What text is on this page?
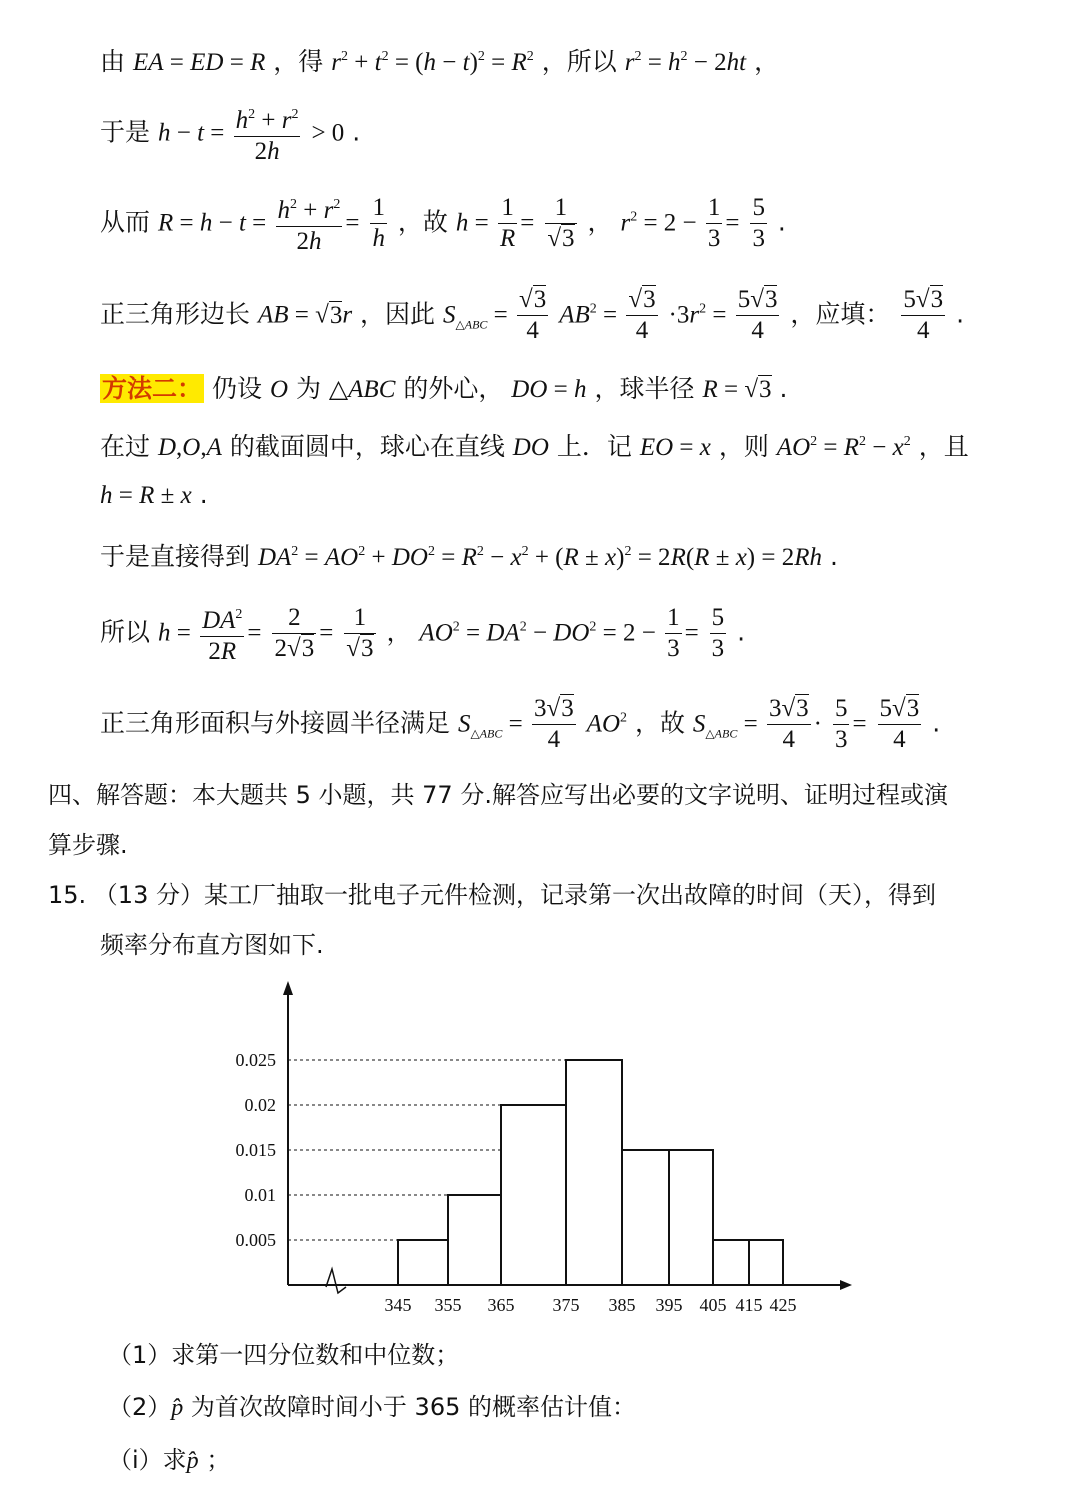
由 EA = ED = R ，得 $r^2 + t^2 = (h - t)^2 = R^2$ ，所以 $r^2 = h^2 - 2ht$ ，
于是 $h - t = \frac{h^2 + r^2}{2h} > 0$ .
从而 $R = h - t = \frac{h^2 + r^2}{2h} = \frac{1}{h}$ ，故 $h = \frac{1}{R} = \frac{1}{√3}$ ， $r^2 = 2 - \frac{1}{3} = \frac{5}{3}$ .
正三角形边长 AB = √3r ，因此 $S_{\triangle ABC} = \frac{√3}{4} AB^2 = \frac{√3}{4} \cdot 3r^2 = \frac{5√3}{4}$ ，应填： $\frac{5√3}{4}$ .
方法二： 仍设 O 为 △ABC 的外心， DO = h ，球半径 R = √3 .
在过 D,O,A 的截面圆中，球心在直线 DO 上．记 EO = x ，则 $AO^2 = R^2 - x^2$ ，且
h = R ± x .
于是直接得到 $DA^2 = AO^2 + DO^2 = R^2 - x^2 + (R \pm x)^2 = 2R(R \pm x) = 2Rh$ .
所以 $h = \frac{DA^2}{2R} = \frac{2}{2√3} = \frac{1}{√3}$ ， $AO^2 = DA^2 - DO^2 = 2 - \frac{1}{3} = \frac{5}{3}$ .
正三角形面积与外接圆半径满足 $S_{\triangle ABC} = \frac{3√3}{4} AO^2$ ，故 $S_{\triangle ABC} = \frac{3√3}{4} \cdot \frac{5}{3} = \frac{5√3}{4}$ .
四、解答题：本大题共 5 小题，共 77 分.解答应写出必要的文字说明、证明过程或演
算步骤.
15. （13 分）某工厂抽取一批电子元件检测，记录第一次出故障的时间（天），得到
频率分布直方图如下.
0.005
0.01
0.015
0.02
0.025
345 355 365 375 385 395 405 415 425
（1）求第一四分位数和中位数；
（2）p̂ 为首次故障时间小于 365 的概率估计值：
（i）求p̂ ；
